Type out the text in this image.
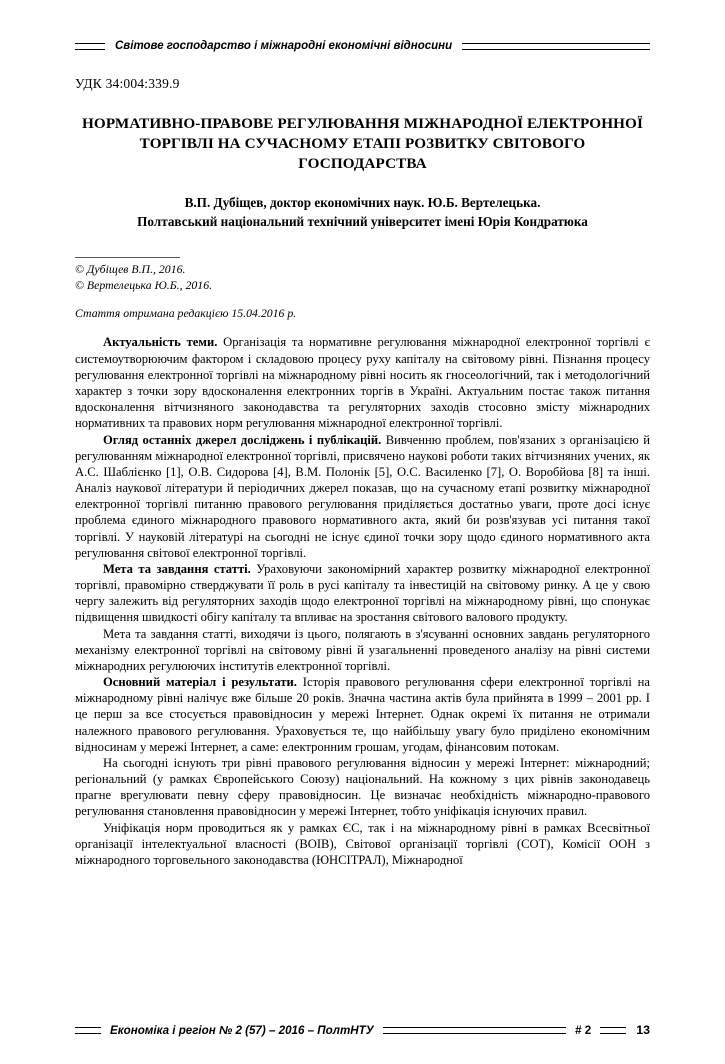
Світове господарство і міжнародні економічні відносини
УДК 34:004:339.9
НОРМАТИВНО-ПРАВОВЕ РЕГУЛЮВАННЯ МІЖНАРОДНОЇ ЕЛЕКТРОННОЇ ТОРГІВЛІ НА СУЧАСНОМУ ЕТАПІ РОЗВИТКУ СВІТОВОГО ГОСПОДАРСТВА
В.П. Дубіщев, доктор економічних наук. Ю.Б. Вертелецька.
Полтавський національний технічний університет імені Юрія Кондратюка
© Дубіщев В.П., 2016.
© Вертелецька Ю.Б., 2016.
Стаття отримана редакцією 15.04.2016 р.

Актуальність теми. Організація та нормативне регулювання міжнародної електронної торгівлі є системоутворюючим фактором і складовою процесу руху капіталу на світовому рівні. Пізнання процесу регулювання електронної торгівлі на міжнародному рівні носить як гносеологічний, так і методологічний характер з точки зору вдосконалення електронних торгів в Україні. Актуальним постає також питання вдосконалення вітчизняного законодавства та регуляторних заходів стосовно змісту міжнародних нормативних та правових норм регулювання міжнародної електронної торгівлі.

Огляд останніх джерел досліджень і публікацій. Вивченню проблем, пов'язаних з організацією й регулюванням міжнародної електронної торгівлі, присвячено наукові роботи таких вітчизняних учених, як А.С. Шаблієнко [1], О.В. Сидорова [4], В.М. Полонік [5], О.С. Василенко [7], О. Воробйова [8] та інші. Аналіз наукової літератури й періодичних джерел показав, що на сучасному етапі розвитку міжнародної електронної торгівлі питанню правового регулювання приділяється достатньо уваги, проте досі існує проблема єдиного міжнародного правового нормативного акта, який би розв'язував усі питання такої торгівлі. У науковій літературі на сьогодні не існує єдиної точки зору щодо єдиного нормативного акта регулювання світової електронної торгівлі.

Мета та завдання статті. Ураховуючи закономірний характер розвитку міжнародної електронної торгівлі, правомірно стверджувати її роль в русі капіталу та інвестицій на світовому ринку. А це у свою чергу залежить від регуляторних заходів щодо електронної торгівлі на міжнародному рівні, що спонукає підвищення швидкості обігу капіталу та впливає на зростання світового валового продукту.

Мета та завдання статті, виходячи із цього, полягають в з'ясуванні основних завдань регуляторного механізму електронної торгівлі на світовому рівні й узагальненні проведеного аналізу на рівні системи міжнародних регулюючих інститутів електронної торгівлі.

Основний матеріал і результати. Історія правового регулювання сфери електронної торгівлі на міжнародному рівні налічує вже більше 20 років. Значна частина актів була прийнята в 1999 – 2001 рр. І це перш за все стосується правовідносин у мережі Інтернет. Однак окремі їх питання не отримали належного правового регулювання. Ураховується те, що найбільшу увагу було приділено економічним відносинам у мережі Інтернет, а саме: електронним грошам, угодам, фінансовим потокам.

На сьогодні існують три рівні правового регулювання відносин у мережі Інтернет: міжнародний; регіональний (у рамках Європейського Союзу) національний. На кожному з цих рівнів законодавець прагне врегулювати певну сферу правовідносин. Це визначає необхідність міжнародно-правового регулювання становлення правовідносин у мережі Інтернет, тобто уніфікація існуючих правил.

Уніфікація норм проводиться як у рамках ЄС, так і на міжнародному рівні в рамках Всесвітньої організації інтелектуальної власності (ВОІВ), Світової організації торгівлі (СОТ), Комісії ООН з міжнародного торговельного законодавства (ЮНСІТРАЛ), Міжнародної

Економіка і регіон № 2 (57) – 2016 – ПолтНТУ	# 2	13
